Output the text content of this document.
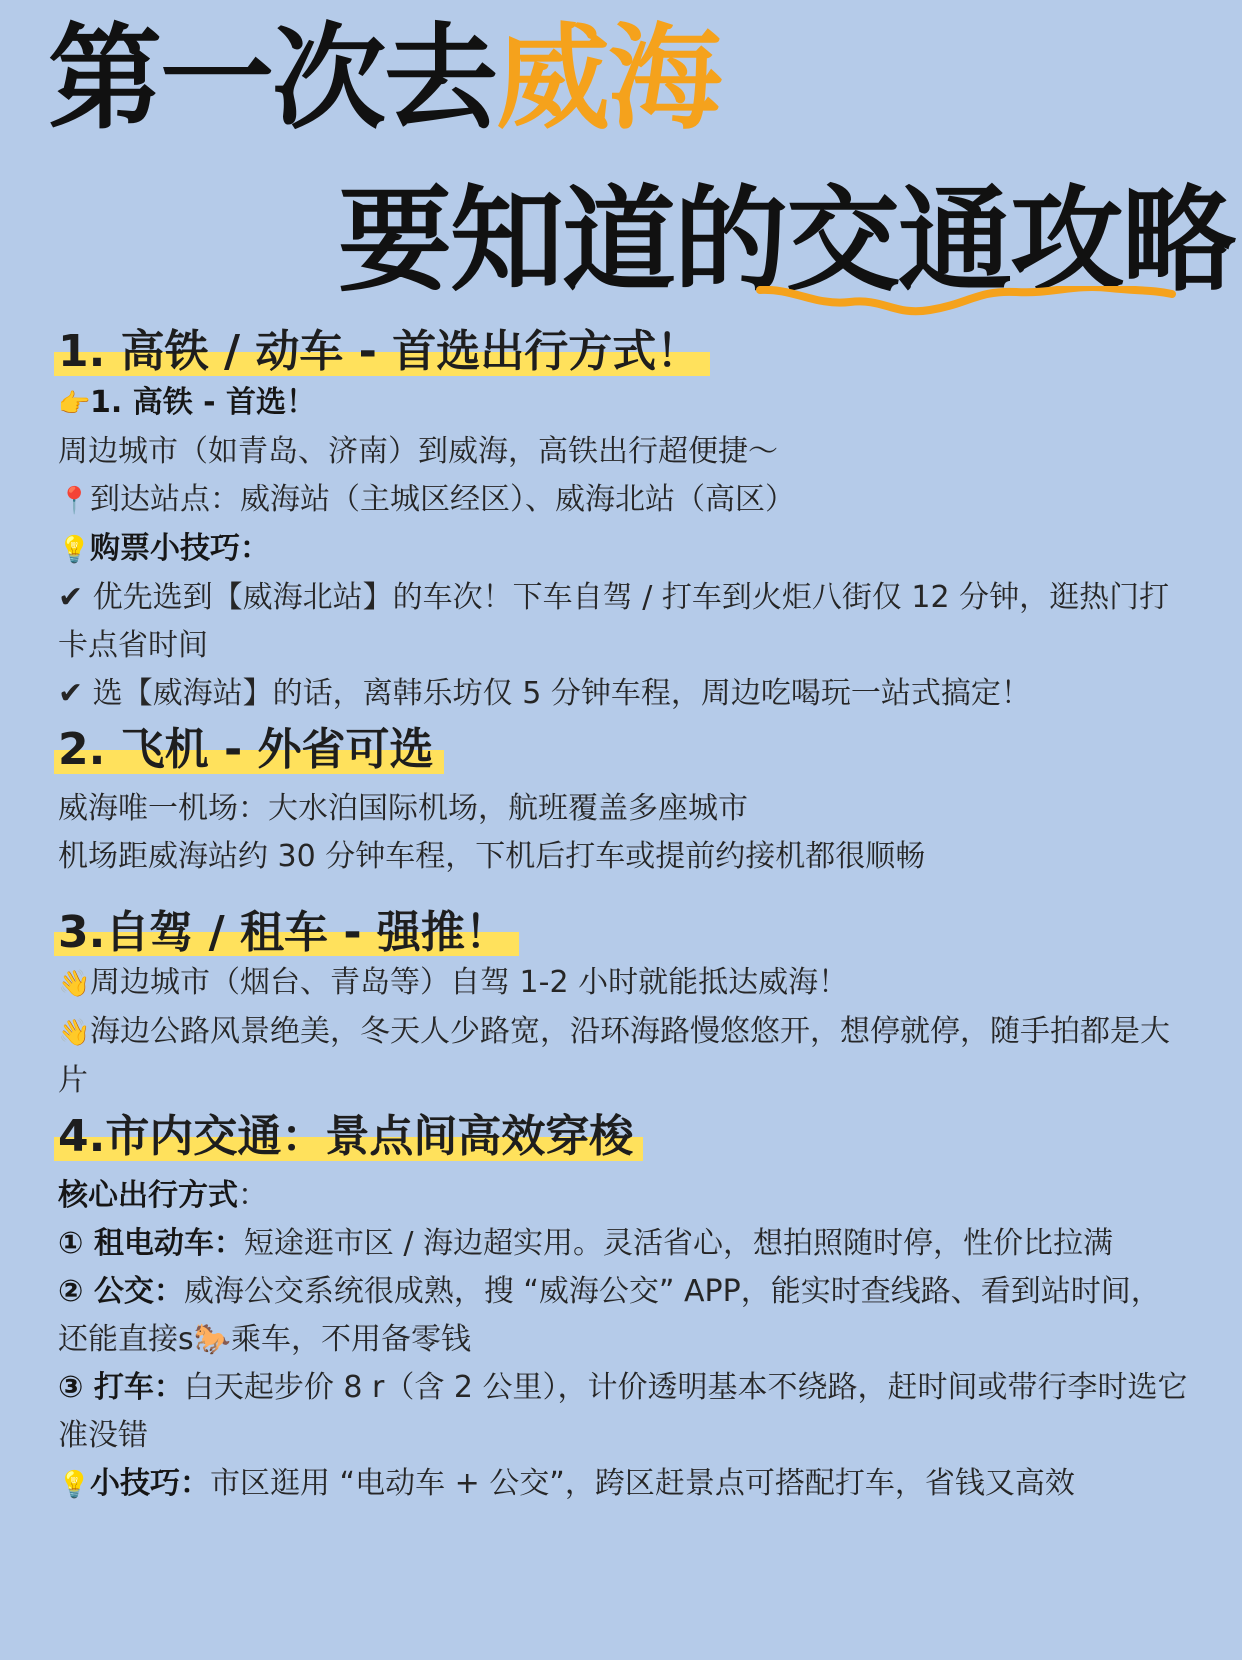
第一次去威海
要知道的交通攻略
1. 高铁 / 动车 - 首选出行方式！

👉1. 高铁 - 首选！

周边城市（如青岛、济南）到威海，高铁出行超便捷～

📍到达站点：威海站（主城区经区）、威海北站（高区）

💡购票小技巧：

✔ 优先选到【威海北站】的车次！下车自驾 / 打车到火炬八街仅 12 分钟，逛热门打卡点省时间

✔ 选【威海站】的话，离韩乐坊仅 5 分钟车程，周边吃喝玩一站式搞定！

2. 飞机 - 外省可选

威海唯一机场：大水泊国际机场，航班覆盖多座城市

机场距威海站约 30 分钟车程，下机后打车或提前约接机都很顺畅

3.自驾 / 租车 - 强推！

👋周边城市（烟台、青岛等）自驾 1-2 小时就能抵达威海！

👋海边公路风景绝美，冬天人少路宽，沿环海路慢悠悠开，想停就停，随手拍都是大片

4.市内交通：景点间高效穿梭

核心出行方式：

① 租电动车：短途逛市区 / 海边超实用。灵活省心，想拍照随时停，性价比拉满

② 公交：威海公交系统很成熟，搜 “威海公交” APP，能实时查线路、看到站时间，还能直接s🐎乘车，不用备零钱

③ 打车：白天起步价 8 r（含 2 公里），计价透明基本不绕路，赶时间或带行李时选它准没错

💡小技巧：市区逛用 “电动车 + 公交”，跨区赶景点可搭配打车，省钱又高效
